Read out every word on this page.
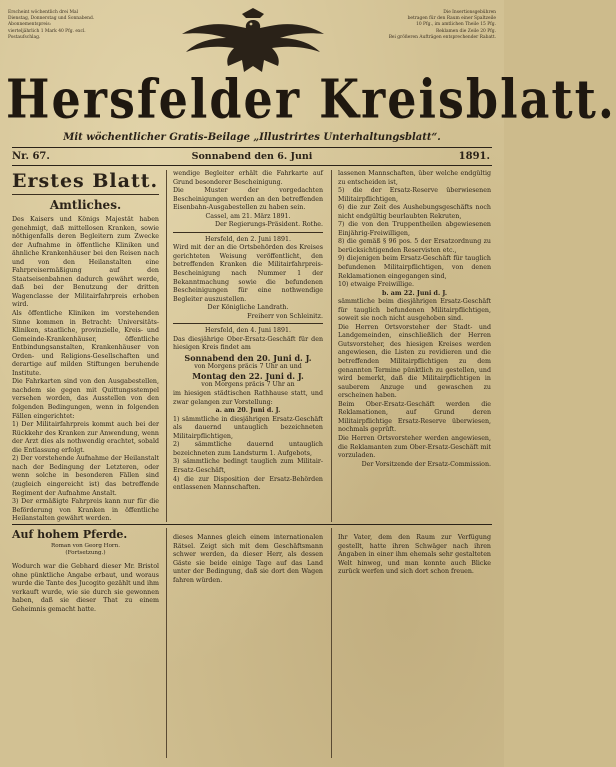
Erscheint wöchentlich drei Mal
Dienstag, Donnerstag und Sonnabend.
Abonnementspreis:
vierteljährlich 1 Mark 40 Pfg. excl.
Postaufschlag.
Die Insertionsgebühren
betragen für den Raum einer Spaltzeile
10 Pfg., im amtlichen Theile 15 Pfg.
Reklamen die Zeile 20 Pfg.
Bei größeren Aufträgen entsprechender Rabatt.
Hersfelder Kreisblatt.
Mit wöchentlicher Gratis-Beilage „Illustrirtes Unterhaltungsblatt“.
Nr. 67.	Sonnabend den 6. Juni	1891.
Erstes Blatt.
Amtliches.

Des Kaisers und Königs Majestät haben genehmigt, daß mittellosen Kranken, sowie nöthigenfalls deren Begleitern zum Zwecke der Aufnahme in öffentliche Kliniken und ähnliche Krankenhäuser bei den Reisen nach und von den Heilanstalten eine Fahrpreisermäßigung auf den Staatseisenbahnen dadurch gewährt werde, daß bei der Benutzung der dritten Wagenclasse der Militairfahrpreis erhoben wird.

Als öffentliche Kliniken im vorstehenden Sinne kommen in Betracht: Universitäts-Kliniken, staatliche, provinzielle, Kreis- und Gemeinde-Krankenhäuser, öffentliche Entbindungsanstalten, Krankenhäuser von Orden- und Religions-Gesellschaften und derartige auf milden Stiftungen beruhende Institute.

Die Fahrkarten sind von den Ausgabestellen, nachdem sie gegen mit Quittungsstempel versehen worden, das Ausstellen von den folgenden Bedingungen, wenn in folgenden Fällen eingerichtet:

1) Der Militairfahrpreis kommt auch bei der Rückkehr des Kranken zur Anwendung, wenn der Arzt dies als nothwendig erachtet, sobald die Entlassung erfolgt.

2) Der vorstehende Aufnahme der Heilanstalt nach der Bedingung der Letzteren, oder wenn solche in besonderen Fällen sind (zugleich eingereicht ist) das betreffende Regiment der Aufnahme Anstalt.

3) Der ermäßigte Fahrpreis kann nur für die Beförderung von Kranken in öffentliche Heilanstalten gewährt werden.

wendige Begleiter erhält die Fahrkarte auf Grund besonderer Bescheinigung.

Die Muster der vorgedachten Bescheinigungen werden an den betreffenden Eisenbahn-Ausgabestellen zu haben sein.

Cassel, am 21. März 1891.

Der Regierungs-Präsident. Rothe.

Hersfeld, den 2. Juni 1891.

Wird mit der an die Ortsbehörden des Kreises gerichteten Weisung veröffentlicht, den betreffenden Kranken die Militairfahrpreis-Bescheinigung nach Nummer 1 der Bekanntmachung sowie die befundenen Bescheinigungen für eine nothwendige Begleiter auszustellen.

Der Königliche Landrath.

Freiherr von Schleinitz.

Hersfeld, den 4. Juni 1891.

Das diesjährige Ober-Ersatz-Geschäft für den hiesigen Kreis findet am

Sonnabend den 20. Juni d. J.

von Morgens präcis 7 Uhr an und

Montag den 22. Juni d. J.

von Morgens präcis 7 Uhr an

im hiesigen städtischen Rathhause statt, und zwar gelangen zur Vorstellung:

a. am 20. Juni d. J.

1) sämmtliche in diesjährigen Ersatz-Geschäft als dauernd untauglich bezeichneten Militairpflichtigen,

2) sämmtliche dauernd untauglich bezeichneten zum Landsturm 1. Aufgebots,

3) sämmtliche bedingt tauglich zum Militair-Ersatz-Geschäft,

4) die zur Disposition der Ersatz-Behörden entlassenen Mannschaften.

lassenen Mannschaften, über welche endgültig zu entscheiden ist,

5) die der Ersatz-Reserve überwiesenen Militairpflichtigen,

6) die zur Zeit des Aushebungsgeschäfts noch nicht endgültig beurlaubten Rekruten,

7) die von den Truppentheilen abgewiesenen Einjährig-Freiwilligen,

8) die gemäß § 96 pos. 5 der Ersatzordnung zu berücksichtigenden Reservisten etc.,

9) diejenigen beim Ersatz-Geschäft für tauglich befundenen Militairpflichtigen, von denen Reklamationen eingegangen sind,

10) etwaige Freiwillige.

b. am 22. Juni d. J.

sämmtliche beim diesjährigen Ersatz-Geschäft für tauglich befundenen Militairpflichtigen, soweit sie noch nicht ausgehoben sind.

Die Herren Ortsvorsteher der Stadt- und Landgemeinden, einschließlich der Herren Gutsvorsteher, des hiesigen Kreises werden angewiesen, die Listen zu revidieren und die betreffenden Militairpflichtigen zu dem genannten Termine pünktlich zu gestellen, und wird bemerkt, daß die Militairpflichtigen in sauberem Anzuge und gewaschen zu erscheinen haben.

Beim Ober-Ersatz-Geschäft werden die Reklamationen, auf Grund deren Militairpflichtige Ersatz-Reserve überwiesen, nochmals geprüft.

Die Herren Ortsvorsteher werden angewiesen, die Reklamanten zum Ober-Ersatz-Geschäft mit vorzuladen.

Der Vorsitzende der Ersatz-Commission.

Auf hohem Pferde.
Roman von Georg Horn.
(Fortsetzung.)

Wodurch war die Gebhard dieser Mr. Bristol ohne pünktliche Angabe erbaut, und woraus wurde die Tante des Jucogito gezählt und ihm verkauft wurde, wie sie durch sie gewonnen haben, daß sie dieser That zu einem Geheimnis gemacht hatte.

dieses Mannes gleich einem internationalen Rätsel. Zeigt sich mit dem Geschäftsmann schwer werden, da dieser Herr, als dessen Gäste sie beide einige Tage auf das Land unter der Bedingung, daß sie dort den Wagen fahren würden.

Ihr Vater, dem den Raum zur Verfügung gestellt, hatte ihren Schwäger nach ihren Angaben in einer ihm ehemals sehr gestalteten Welt hinweg, und man konnte auch Blicke zurück werfen und sich dort schon freuen.
